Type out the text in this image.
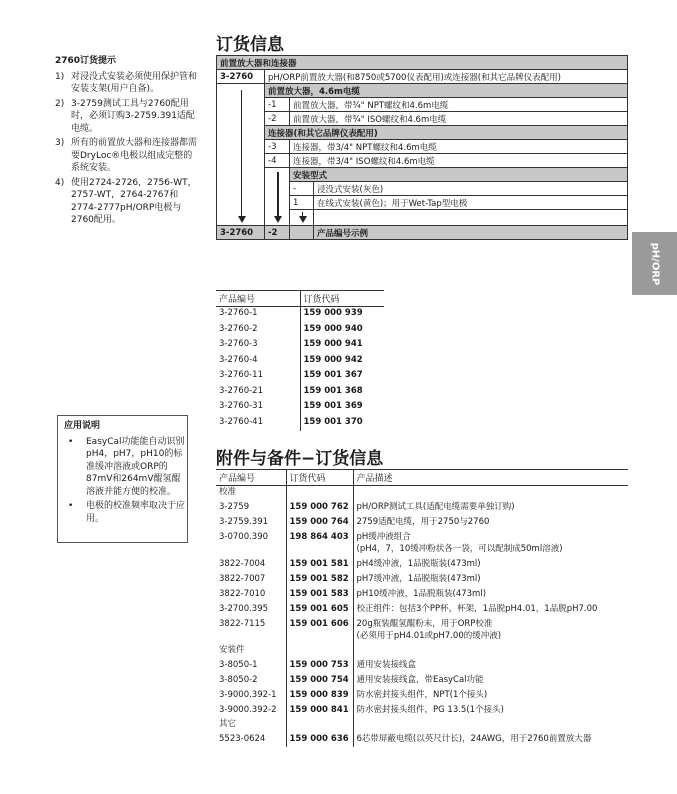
pH/ORP
订货信息
2760订货提示
1) 对浸没式安装必须使用保护管和安装支架(用户自备)。
2) 3-2759测试工具与2760配用时，必须订购3-2759.391适配电缆。
3) 所有的前置放大器和连接器都需要DryLoc®电极以组成完整的系统安装。
4) 使用2724-2726，2756-WT，2757-WT，2764-2767和2774-2777pH/ORP电极与2760配用。
应用说明
•	EasyCal功能能自动识别pH4，pH7，pH10的标准缓冲溶液或ORP的87mV和264mV醌氢醌溶液并能方便的校准。
•	电极的校准频率取决于应用。
前置放大器和连接器			
3-2760	pH/ORP前置放大器(和8750或5700仪表配用)或连接器(和其它品牌仪表配用)		

	前置放大器，4.6m电缆		
	-1	前置放大器，带¾" NPT螺纹和4.6m电缆	
	-2	前置放大器，带¾" ISO螺纹和4.6m电缆	
	连接器(和其它品牌仪表配用)		
	-3	连接器，带3/4" NPT螺纹和4.6m电缆	
	-4	连接器，带3/4" ISO螺纹和4.6m电缆	

		安装型式	
		-	浸没式安装(灰色)
		1	在线式安装(黄色)；用于Wet-Tap型电极

3-2760	-2		产品编号示例
产品编号	订货代码
3-2760-1	159 000 939
3-2760-2	159 000 940
3-2760-3	159 000 941
3-2760-4	159 000 942
3-2760-11	159 001 367
3-2760-21	159 001 368
3-2760-31	159 001 369
3-2760-41	159 001 370
附件与备件−订货信息
产品编号	订货代码	产品描述
校准		
3-2759	159 000 762	pH/ORP测试工具(适配电缆需要单独订购)
3-2759.391	159 000 764	2759适配电缆，用于2750与2760
3-0700.390	198 864 403	pH缓冲液组合
(pH4，7，10缓冲粉状各一袋，可以配制成50ml溶液)
3822-7004	159 001 581	pH4缓冲液，1品脱瓶装(473ml)
3822-7007	159 001 582	pH7缓冲液，1品脱瓶装(473ml)
3822-7010	159 001 583	pH10缓冲液，1品脱瓶装(473ml)
3-2700.395	159 001 605	校正组件：包括3个PP杯，杯架，1品脱pH4.01，1品脱pH7.00
3822-7115	159 001 606	20g瓶装醌氢醌粉末，用于ORP校准
(必须用于pH4.01或pH7.00的缓冲液)
安装件		
3-8050-1	159 000 753	通用安装接线盒
3-8050-2	159 000 754	通用安装接线盒，带EasyCal功能
3-9000.392-1	159 000 839	防水密封接头组件，NPT(1个接头)
3-9000.392-2	159 000 841	防水密封接头组件，PG 13.5(1个接头)
其它		
5523-0624	159 000 636	6芯带屏蔽电缆(以英尺计长)，24AWG，用于2760前置放大器
